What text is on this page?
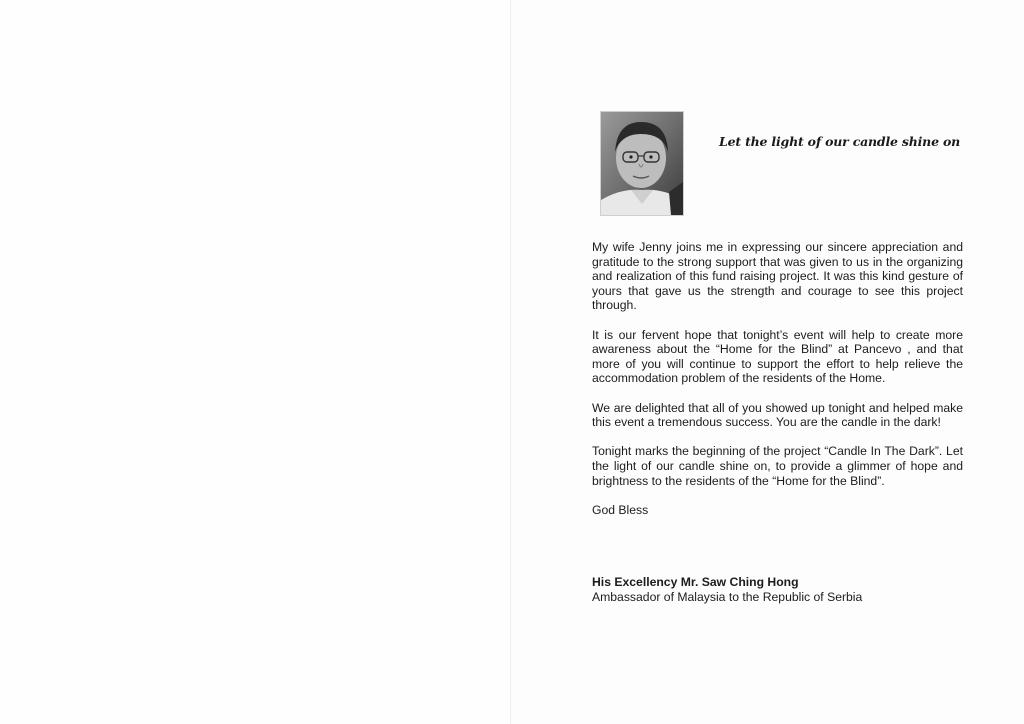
Let the light of our candle shine on

My wife Jenny joins me in expressing our sincere appreciation and gratitude to the strong support that was given to us in the organizing and realization of this fund raising project. It was this kind gesture of yours that gave us the strength and courage to see this project through.

It is our fervent hope that tonight’s event will help to create more awareness about the “Home for the Blind” at Pancevo , and that more of you will continue to support the effort to help relieve the accommodation problem of the residents of the Home.

We are delighted that all of you showed up tonight and helped make this event a tremendous success. You are the candle in the dark!

Tonight marks the beginning of the project “Candle In The Dark”. Let the light of our candle shine on, to provide a glimmer of hope and brightness to the residents of the “Home for the Blind”.

God Bless

His Excellency Mr. Saw Ching Hong
Ambassador of Malaysia to the Republic of Serbia
